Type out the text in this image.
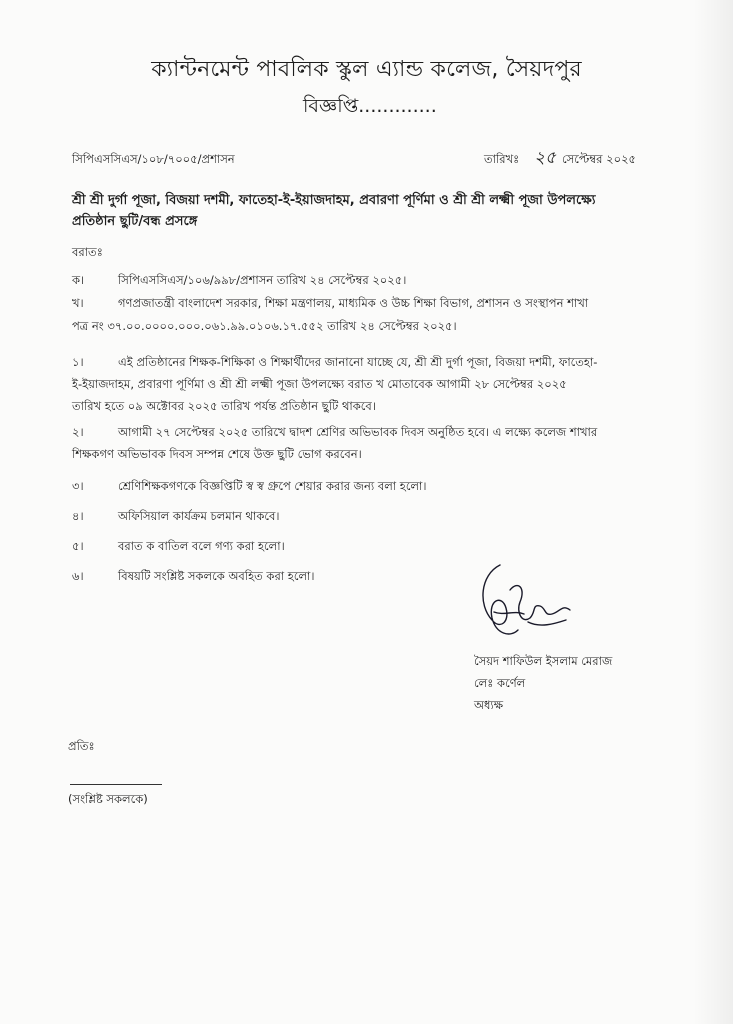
ক্যান্টনমেন্ট পাবলিক স্কুল এ্যান্ড কলেজ, সৈয়দপুর
বিজ্ঞপ্তি.............
সিপিএসসিএস/১০৮/৭০০৫/প্রশাসন	তারিখঃ ২৫ সেপ্টেম্বর ২০২৫
শ্রী শ্রী দুর্গা পূজা, বিজয়া দশমী, ফাতেহা-ই-ইয়াজদাহম, প্রবারণা পূর্ণিমা ও শ্রী শ্রী লক্ষ্মী পূজা উপলক্ষ্যে
প্রতিষ্ঠান ছুটি/বন্ধ প্রসঙ্গে
বরাতঃ
ক।	সিপিএসসিএস/১০৬/৯৯৮/প্রশাসন তারিখ ২৪ সেপ্টেম্বর ২০২৫।
খ।	গণপ্রজাতন্ত্রী বাংলাদেশ সরকার, শিক্ষা মন্ত্রণালয়, মাধ্যমিক ও উচ্চ শিক্ষা বিভাগ, প্রশাসন ও সংস্থাপন শাখা
পত্র নং ৩৭.০০.০০০০.০০০.০৬১.৯৯.০১০৬.১৭.৫৫২ তারিখ ২৪ সেপ্টেম্বর ২০২৫।
১।	এই প্রতিষ্ঠানের শিক্ষক-শিক্ষিকা ও শিক্ষার্থীদের জানানো যাচ্ছে যে, শ্রী শ্রী দুর্গা পূজা, বিজয়া দশমী, ফাতেহা-
ই-ইয়াজদাহম, প্রবারণা পূর্ণিমা ও শ্রী শ্রী লক্ষ্মী পূজা উপলক্ষ্যে বরাত খ মোতাবেক আগামী ২৮ সেপ্টেম্বর ২০২৫
তারিখ হতে ০৯ অক্টোবর ২০২৫ তারিখ পর্যন্ত প্রতিষ্ঠান ছুটি থাকবে।
২।	আগামী ২৭ সেপ্টেম্বর ২০২৫ তারিখে দ্বাদশ শ্রেণির অভিভাবক দিবস অনুষ্ঠিত হবে। এ লক্ষ্যে কলেজ শাখার
শিক্ষকগণ অভিভাবক দিবস সম্পন্ন শেষে উক্ত ছুটি ভোগ করবেন।
৩।	শ্রেণিশিক্ষকগণকে বিজ্ঞপ্তিটি স্ব স্ব গ্রুপে শেয়ার করার জন্য বলা হলো।
৪।	অফিসিয়াল কার্যক্রম চলমান থাকবে।
৫।	বরাত ক বাতিল বলে গণ্য করা হলো।
৬।	বিষয়টি সংশ্লিষ্ট সকলকে অবহিত করা হলো।
সৈয়দ শাফিউল ইসলাম মেরাজ
লেঃ কর্ণেল
অধ্যক্ষ
প্রতিঃ
(সংশ্লিষ্ট সকলকে)
